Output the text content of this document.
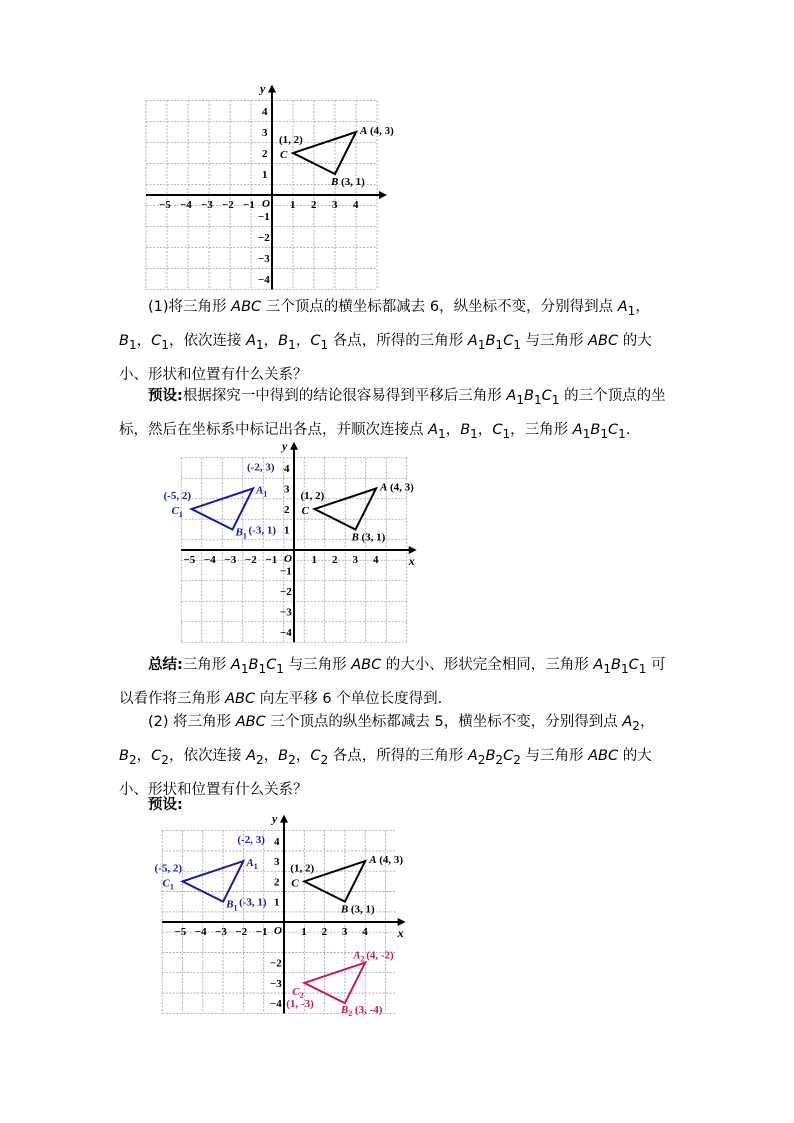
y
O
−5 −4 −3 −2 −1	1 2 3 4
4
3
2
1
−1
−2
−3
−4
A (4, 3)
B (3, 1)
C
(1, 2)

(1)将三角形 ABC 三个顶点的横坐标都减去 6，纵坐标不变，分别得到点 $A_1$，$B_1$，$C_1$，依次连接 $A_1$，$B_1$，$C_1$ 各点，所得的三角形 $A_1B_1C_1$ 与三角形 ABC 的大小、形状和位置有什么关系？

预设:根据探究一中得到的结论很容易得到平移后三角形 $A_1B_1C_1$ 的三个顶点的坐标，然后在坐标系中标记出各点，并顺次连接点 $A_1$，$B_1$，$C_1$，三角形 $A_1B_1C_1$.

y
x
O
−5 −4 −3 −2 −1	1 2 3 4
4
3
2
1
−1
−2
−3
−4
$A_1$
(-2, 3)
$B_1$ (-3, 1)
$C_1$
(-5, 2)
A (4, 3)
B (3, 1)
C
(1, 2)

总结:三角形 $A_1B_1C_1$ 与三角形 ABC 的大小、形状完全相同，三角形 $A_1B_1C_1$ 可以看作将三角形 ABC 向左平移 6 个单位长度得到.

(2) 将三角形 ABC 三个顶点的纵坐标都减去 5，横坐标不变，分别得到点 $A_2$，$B_2$，$C_2$，依次连接 $A_2$，$B_2$，$C_2$ 各点，所得的三角形 $A_2B_2C_2$ 与三角形 ABC 的大小、形状和位置有什么关系？

预设:

y
x
O
−5 −4 −3 −2 −1	1 2 3 4
4
3
2
1
−2
−3
−4
$A_1$
(-2, 3)
$B_1$ (-3, 1)
$C_1$
(-5, 2)
A (4, 3)
B (3, 1)
C
(1, 2)
$A_2$ (4, -2)
$B_2$ (3, -4)
$C_2$
(1, -3)
